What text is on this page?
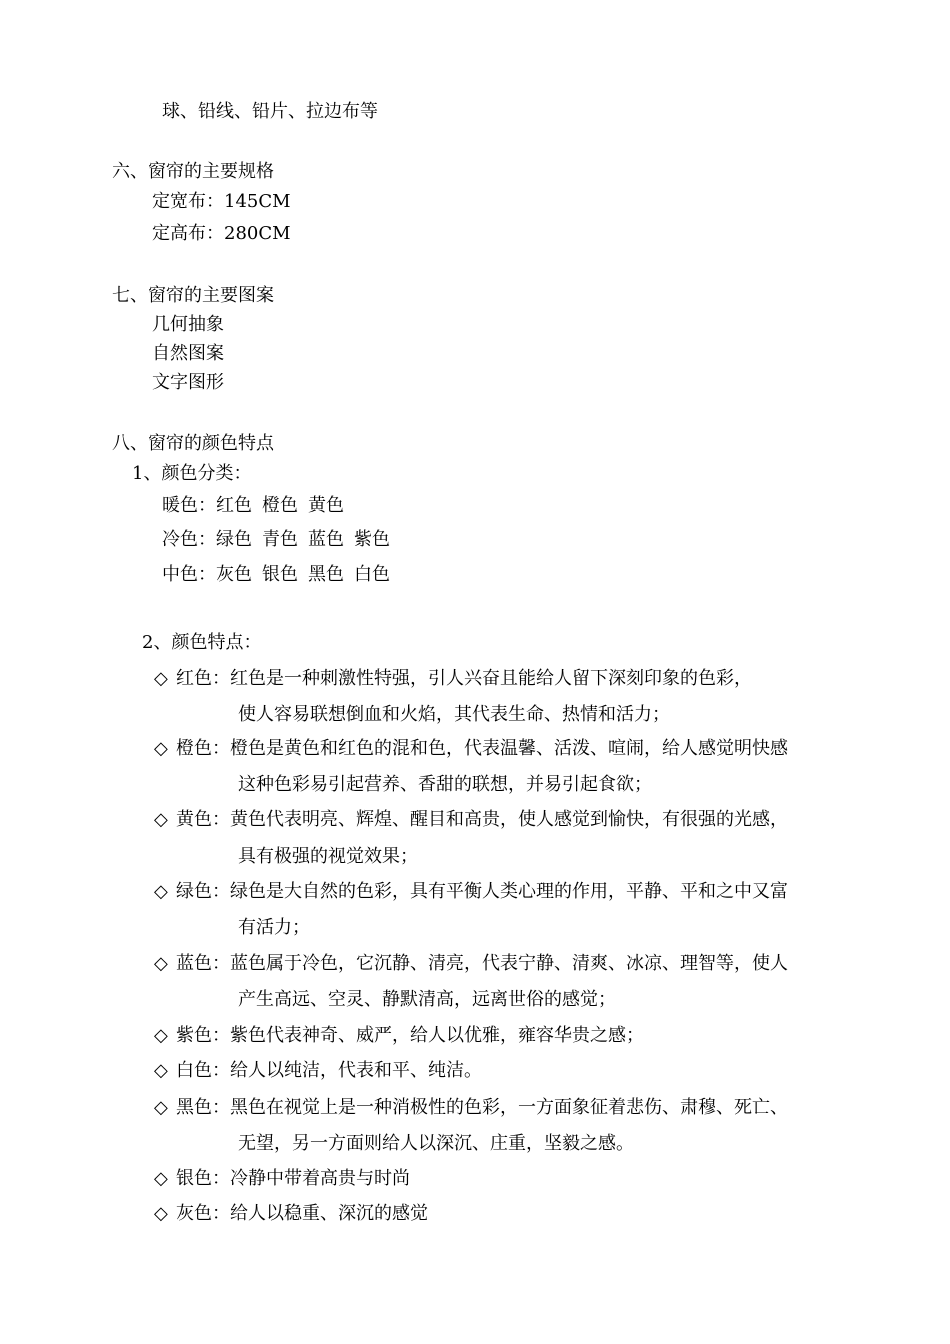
球、铅线、铅片、拉边布等
六、窗帘的主要规格
定宽布：145CM
定高布：280CM
七、窗帘的主要图案
几何抽象
自然图案
文字图形
八、窗帘的颜色特点
1、颜色分类：
暖色：红色 橙色 黄色
冷色：绿色 青色 蓝色 紫色
中色：灰色 银色 黑色 白色
2、颜色特点：
◇ 红色：红色是一种刺激性特强，引人兴奋且能给人留下深刻印象的色彩，
使人容易联想倒血和火焰，其代表生命、热情和活力；
◇ 橙色：橙色是黄色和红色的混和色，代表温馨、活泼、喧闹，给人感觉明快感
这种色彩易引起营养、香甜的联想，并易引起食欲；
◇ 黄色：黄色代表明亮、辉煌、醒目和高贵，使人感觉到愉快，有很强的光感，
具有极强的视觉效果；
◇ 绿色：绿色是大自然的色彩，具有平衡人类心理的作用，平静、平和之中又富
有活力；
◇ 蓝色：蓝色属于冷色，它沉静、清亮，代表宁静、清爽、冰凉、理智等，使人
产生高远、空灵、静默清高，远离世俗的感觉；
◇ 紫色：紫色代表神奇、威严，给人以优雅，雍容华贵之感；
◇ 白色：给人以纯洁，代表和平、纯洁。
◇ 黑色：黑色在视觉上是一种消极性的色彩，一方面象征着悲伤、肃穆、死亡、
无望，另一方面则给人以深沉、庄重，坚毅之感。
◇ 银色：冷静中带着高贵与时尚
◇ 灰色：给人以稳重、深沉的感觉
